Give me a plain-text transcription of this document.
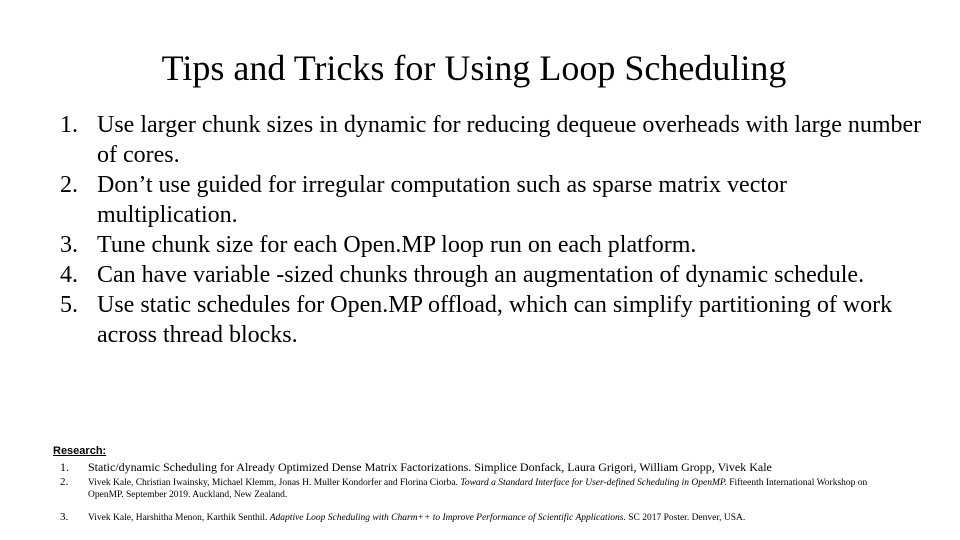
Tips and Tricks for Using Loop Scheduling
1. Use larger chunk sizes in dynamic for reducing dequeue overheads with large number of cores.
2. Don’t use guided for irregular computation such as sparse matrix vector multiplication.
3. Tune chunk size for each Open.MP loop run on each platform.
4. Can have variable -sized chunks through an augmentation of dynamic schedule.
5. Use static schedules for Open.MP offload, which can simplify partitioning of work across thread blocks.
Research:
1.	Static/dynamic Scheduling for Already Optimized Dense Matrix Factorizations. Simplice Donfack, Laura Grigori, William Gropp, Vivek Kale
2.	Vivek Kale, Christian Iwainsky, Michael Klemm, Jonas H. Muller Kondorfer and Florina Ciorba. Toward a Standard Interface for User-defined Scheduling in OpenMP. Fifteenth International Workshop on OpenMP. September 2019. Auckland, New Zealand.
3.	Vivek Kale, Harshitha Menon, Karthik Senthil. Adaptive Loop Scheduling with Charm++ to Improve Performance of Scientific Applications. SC 2017 Poster. Denver, USA.
